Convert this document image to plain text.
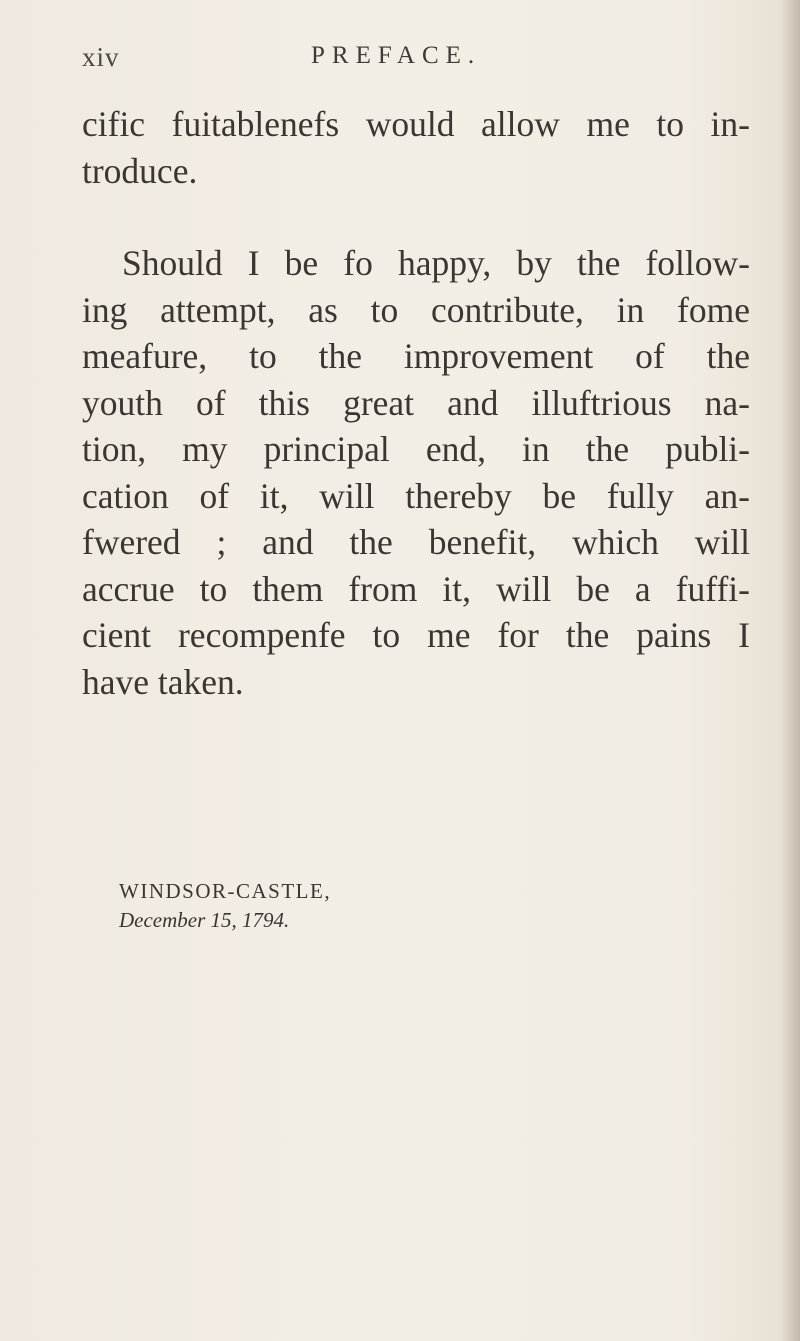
xiv	PREFACE.
cific fuitablenefs would allow me to in-
troduce.
Should I be fo happy, by the follow-
ing attempt, as to contribute, in fome
meafure, to the improvement of the
youth of this great and illuftrious na-
tion, my principal end, in the publi-
cation of it, will thereby be fully an-
fwered ; and the benefit, which will
accrue to them from it, will be a fuffi-
cient recompenfe to me for the pains I
have taken.
WINDSOR-CASTLE,
December 15, 1794.
